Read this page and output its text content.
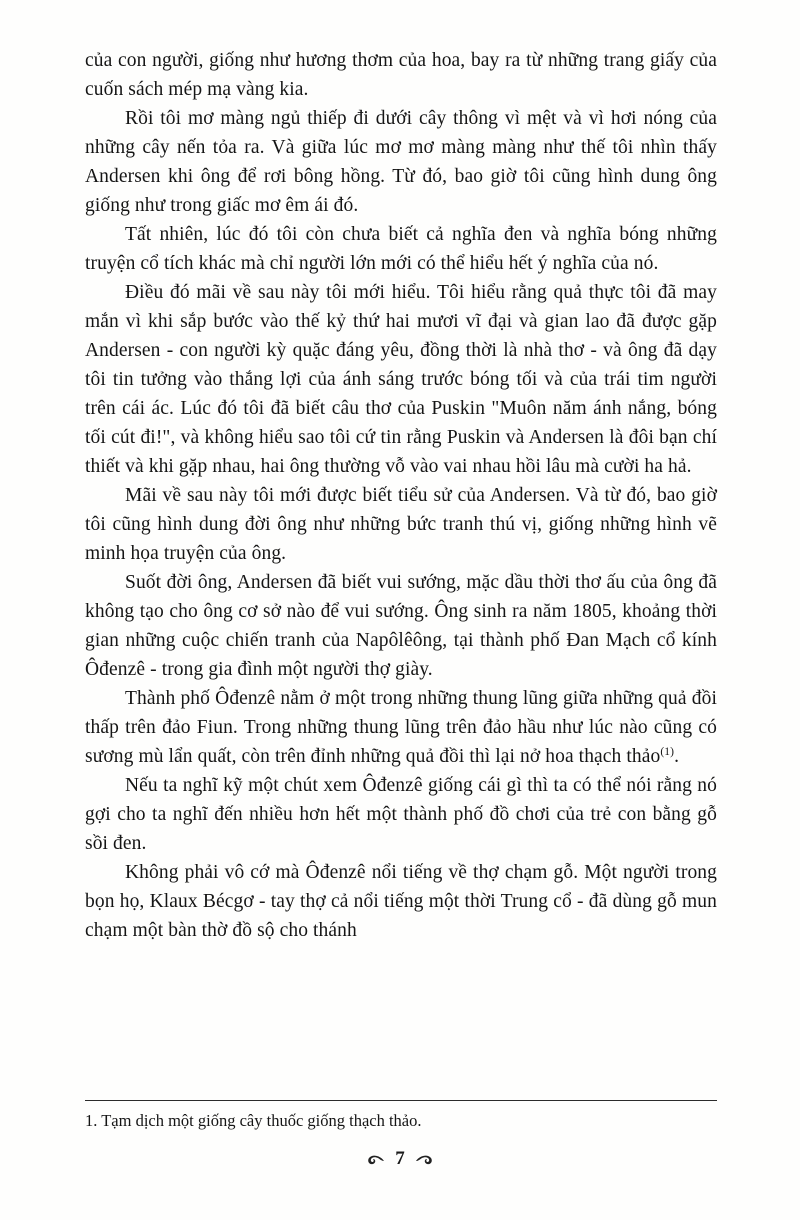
của con người, giống như hương thơm của hoa, bay ra từ những trang giấy của cuốn sách mép mạ vàng kia.

Rồi tôi mơ màng ngủ thiếp đi dưới cây thông vì mệt và vì hơi nóng của những cây nến tỏa ra. Và giữa lúc mơ mơ màng màng như thế tôi nhìn thấy Andersen khi ông để rơi bông hồng. Từ đó, bao giờ tôi cũng hình dung ông giống như trong giấc mơ êm ái đó.

Tất nhiên, lúc đó tôi còn chưa biết cả nghĩa đen và nghĩa bóng những truyện cổ tích khác mà chỉ người lớn mới có thể hiểu hết ý nghĩa của nó.

Điều đó mãi về sau này tôi mới hiểu. Tôi hiểu rằng quả thực tôi đã may mắn vì khi sắp bước vào thế kỷ thứ hai mươi vĩ đại và gian lao đã được gặp Andersen - con người kỳ quặc đáng yêu, đồng thời là nhà thơ - và ông đã dạy tôi tin tưởng vào thắng lợi của ánh sáng trước bóng tối và của trái tim người trên cái ác. Lúc đó tôi đã biết câu thơ của Puskin "Muôn năm ánh nắng, bóng tối cút đi!", và không hiểu sao tôi cứ tin rằng Puskin và Andersen là đôi bạn chí thiết và khi gặp nhau, hai ông thường vỗ vào vai nhau hồi lâu mà cười ha hả.

Mãi về sau này tôi mới được biết tiểu sử của Andersen. Và từ đó, bao giờ tôi cũng hình dung đời ông như những bức tranh thú vị, giống những hình vẽ minh họa truyện của ông.

Suốt đời ông, Andersen đã biết vui sướng, mặc dầu thời thơ ấu của ông đã không tạo cho ông cơ sở nào để vui sướng. Ông sinh ra năm 1805, khoảng thời gian những cuộc chiến tranh của Napôlêông, tại thành phố Đan Mạch cổ kính Ôđenzê - trong gia đình một người thợ giày.

Thành phố Ôđenzê nằm ở một trong những thung lũng giữa những quả đồi thấp trên đảo Fiun. Trong những thung lũng trên đảo hầu như lúc nào cũng có sương mù lẩn quất, còn trên đỉnh những quả đồi thì lại nở hoa thạch thảo$^{(1)}$.

Nếu ta nghĩ kỹ một chút xem Ôđenzê giống cái gì thì ta có thể nói rằng nó gợi cho ta nghĩ đến nhiều hơn hết một thành phố đồ chơi của trẻ con bằng gỗ sồi đen.

Không phải vô cớ mà Ôđenzê nổi tiếng về thợ chạm gỗ. Một người trong bọn họ, Klaux Bécgơ - tay thợ cả nổi tiếng một thời Trung cổ - đã dùng gỗ mun chạm một bàn thờ đồ sộ cho thánh

1. Tạm dịch một giống cây thuốc giống thạch thảo.

7
